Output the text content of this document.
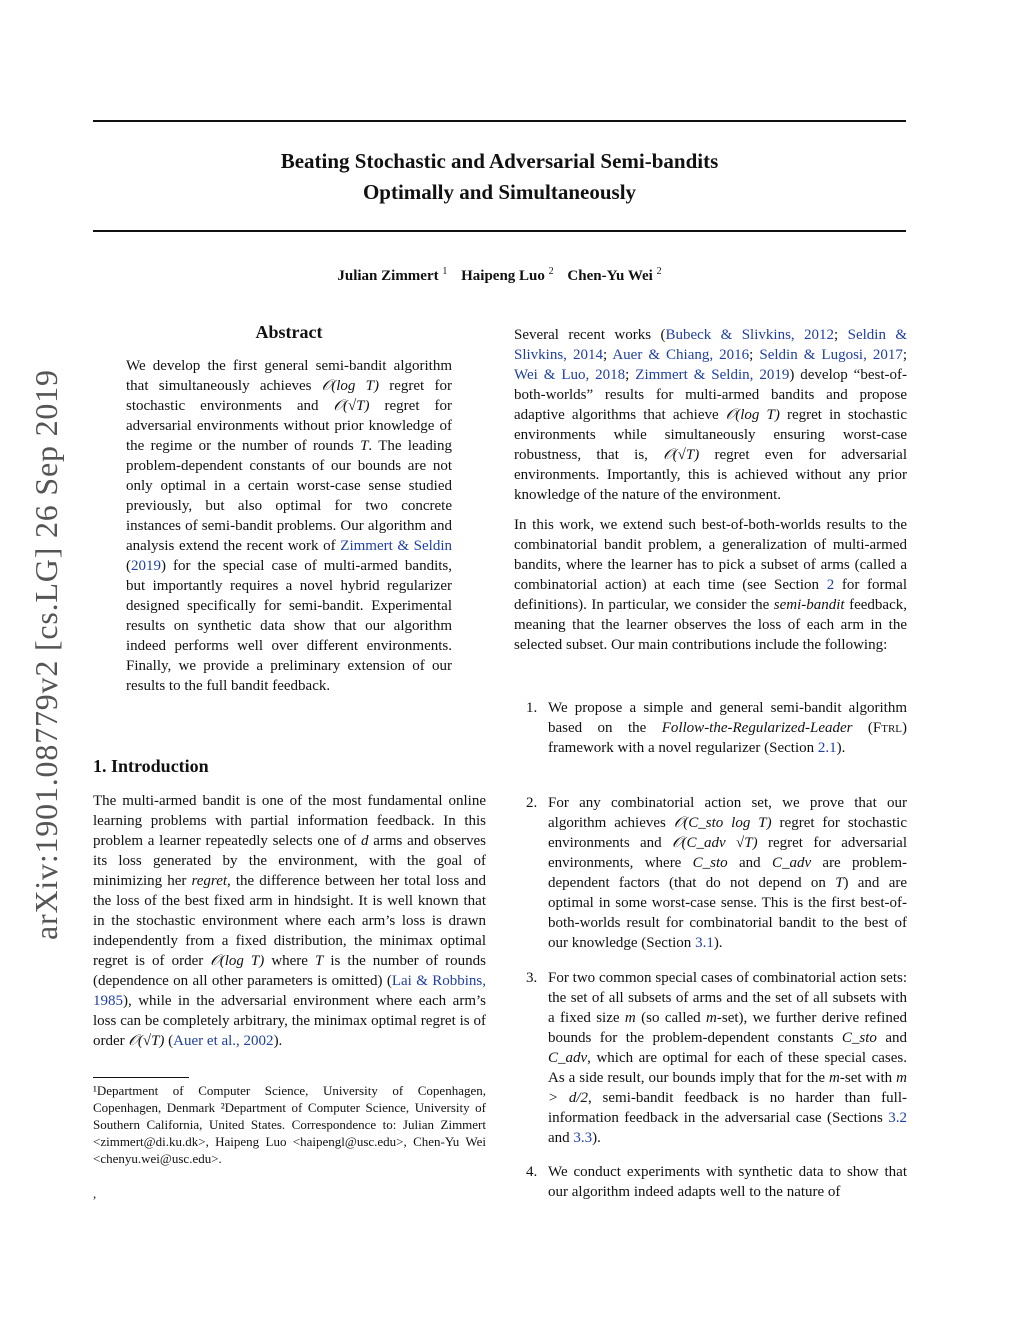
Beating Stochastic and Adversarial Semi-bandits
Optimally and Simultaneously
Julian Zimmert $^1$ Haipeng Luo $^2$ Chen-Yu Wei $^2$
arXiv:1901.08779v2 [cs.LG] 26 Sep 2019
Abstract
We develop the first general semi-bandit algorithm that simultaneously achieves 𝒪(log T) regret for stochastic environments and 𝒪(√T) regret for adversarial environments without prior knowledge of the regime or the number of rounds T. The leading problem-dependent constants of our bounds are not only optimal in a certain worst-case sense studied previously, but also optimal for two concrete instances of semi-bandit problems. Our algorithm and analysis extend the recent work of Zimmert & Seldin (2019) for the special case of multi-armed bandits, but importantly requires a novel hybrid regularizer designed specifically for semi-bandit. Experimental results on synthetic data show that our algorithm indeed performs well over different environments. Finally, we provide a preliminary extension of our results to the full bandit feedback.
1. Introduction
The multi-armed bandit is one of the most fundamental online learning problems with partial information feedback. In this problem a learner repeatedly selects one of d arms and observes its loss generated by the environment, with the goal of minimizing her regret, the difference between her total loss and the loss of the best fixed arm in hindsight. It is well known that in the stochastic environment where each arm’s loss is drawn independently from a fixed distribution, the minimax optimal regret is of order 𝒪(log T) where T is the number of rounds (dependence on all other parameters is omitted) (Lai & Robbins, 1985), while in the adversarial environment where each arm’s loss can be completely arbitrary, the minimax optimal regret is of order 𝒪(√T) (Auer et al., 2002).
¹Department of Computer Science, University of Copenhagen, Copenhagen, Denmark ²Department of Computer Science, University of Southern California, United States. Correspondence to: Julian Zimmert <zimmert@di.ku.dk>, Haipeng Luo <haipengl@usc.edu>, Chen-Yu Wei <chenyu.wei@usc.edu>.
,
Several recent works (Bubeck & Slivkins, 2012; Seldin & Slivkins, 2014; Auer & Chiang, 2016; Seldin & Lugosi, 2017; Wei & Luo, 2018; Zimmert & Seldin, 2019) develop “best-of-both-worlds” results for multi-armed bandits and propose adaptive algorithms that achieve 𝒪(log T) regret in stochastic environments while simultaneously ensuring worst-case robustness, that is, 𝒪(√T) regret even for adversarial environments. Importantly, this is achieved without any prior knowledge of the nature of the environment.
In this work, we extend such best-of-both-worlds results to the combinatorial bandit problem, a generalization of multi-armed bandits, where the learner has to pick a subset of arms (called a combinatorial action) at each time (see Section 2 for formal definitions). In particular, we consider the semi-bandit feedback, meaning that the learner observes the loss of each arm in the selected subset. Our main contributions include the following:
1. We propose a simple and general semi-bandit algorithm based on the Follow-the-Regularized-Leader (Ftrl) framework with a novel regularizer (Section 2.1).
2. For any combinatorial action set, we prove that our algorithm achieves 𝒪(C_sto log T) regret for stochastic environments and 𝒪(C_adv √T) regret for adversarial environments, where C_sto and C_adv are problem-dependent factors (that do not depend on T) and are optimal in some worst-case sense. This is the first best-of-both-worlds result for combinatorial bandit to the best of our knowledge (Section 3.1).
3. For two common special cases of combinatorial action sets: the set of all subsets of arms and the set of all subsets with a fixed size m (so called m-set), we further derive refined bounds for the problem-dependent constants C_sto and C_adv, which are optimal for each of these special cases. As a side result, our bounds imply that for the m-set with m > d/2, semi-bandit feedback is no harder than full-information feedback in the adversarial case (Sections 3.2 and 3.3).
4. We conduct experiments with synthetic data to show that our algorithm indeed adapts well to the nature of
